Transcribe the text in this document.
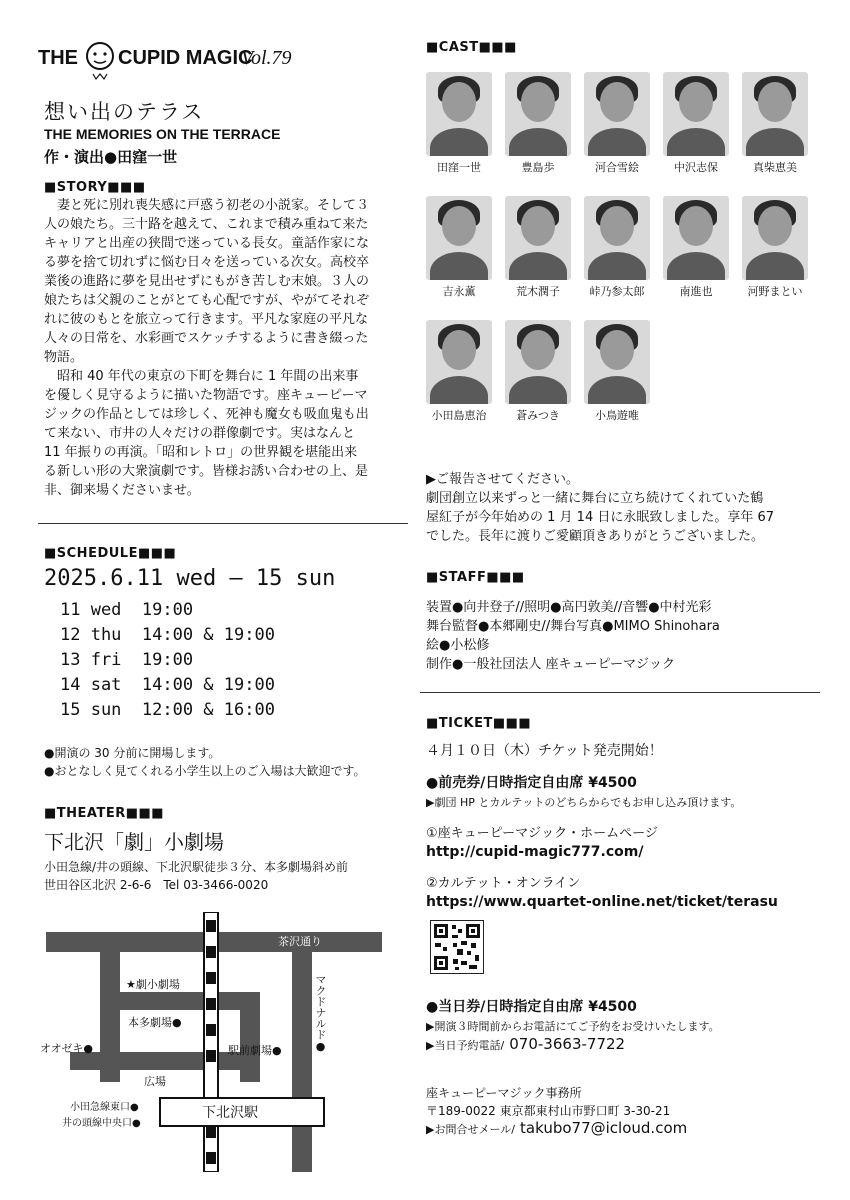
THE CUPID MAGIC
Vol.79
想い出のテラス
THE MEMORIES ON THE TERRACE
作・演出●田窪一世
■STORY■■■
　妻と死に別れ喪失感に戸惑う初老の小説家。そして３
人の娘たち。三十路を越えて、これまで積み重ねて来た
キャリアと出産の狭間で迷っている長女。童話作家にな
る夢を捨て切れずに悩む日々を送っている次女。高校卒
業後の進路に夢を見出せずにもがき苦しむ末娘。３人の
娘たちは父親のことがとても心配ですが、やがてそれぞ
れに彼のもとを旅立って行きます。平凡な家庭の平凡な
人々の日常を、水彩画でスケッチするように書き綴った
物語。
　昭和 40 年代の東京の下町を舞台に 1 年間の出来事
を優しく見守るように描いた物語です。座キューピーマ
ジックの作品としては珍しく、死神も魔女も吸血鬼も出
て来ない、市井の人々だけの群像劇です。実はなんと
11 年振りの再演。「昭和レトロ」の世界観を堪能出来
る新しい形の大衆演劇です。皆様お誘い合わせの上、是
非、御来場くださいませ。
■SCHEDULE■■■
2025.6.11 wed – 15 sun
11 wed  19:00
12 thu  14:00 & 19:00
13 fri  19:00
14 sat  14:00 & 19:00
15 sun  12:00 & 16:00
●開演の 30 分前に開場します。
●おとなしく見てくれる小学生以上のご入場は大歓迎です。
■THEATER■■■
下北沢「劇」小劇場
小田急線/井の頭線、下北沢駅徒歩３分、本多劇場斜め前
世田谷区北沢 2-6-6　Tel 03-3466-0020
茶沢通り
★劇小劇場
本多劇場●	マクドナルド●
駅前劇場●
オオゼキ●
広場
小田急線東口●
井の頭線中央口●
下北沢駅
■CAST■■■
田窪一世	豊島歩	河合雪絵	中沢志保	真柴恵美
吉永薫	荒木潤子	峠乃参太郎	南進也	河野まとい
小田島恵治	蒼みつき	小鳥遊唯
▶ご報告させてください。
劇団創立以来ずっと一緒に舞台に立ち続けてくれていた鶴
屋紅子が今年始めの 1 月 14 日に永眠致しました。享年 67
でした。長年に渡りご愛顧頂きありがとうございました。
■STAFF■■■
装置●向井登子//照明●高円敦美//音響●中村光彩
舞台監督●本郷剛史//舞台写真●MIMO Shinohara
絵●小松修
制作●一般社団法人 座キューピーマジック
■TICKET■■■
４月１０日（木）チケット発売開始！
●前売券/日時指定自由席 ¥4500
▶劇団 HP とカルテットのどちらからでもお申し込み頂けます。
①座キューピーマジック・ホームページ
http://cupid-magic777.com/
②カルテット・オンライン
https://www.quartet-online.net/ticket/terasu
●当日券/日時指定自由席 ¥4500
▶開演３時間前からお電話にてご予約をお受けいたします。
▶当日予約電話/ 070-3663-7722
座キューピーマジック事務所
〒189-0022 東京都東村山市野口町 3-30-21
▶お問合せメール/ takubo77@icloud.com
